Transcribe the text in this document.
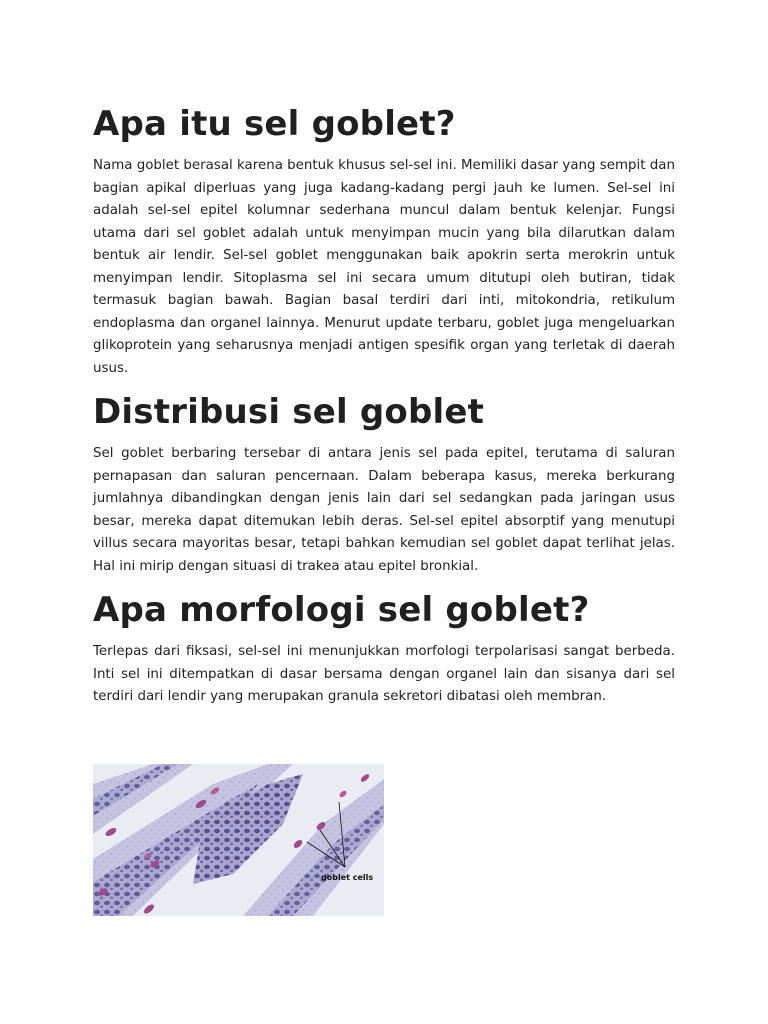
Apa itu sel goblet?

Nama goblet berasal karena bentuk khusus sel-sel ini. Memiliki dasar yang sempit dan bagian apikal diperluas yang juga kadang-kadang pergi jauh ke lumen. Sel-sel ini adalah sel-sel epitel kolumnar sederhana muncul dalam bentuk kelenjar. Fungsi utama dari sel goblet adalah untuk menyimpan mucin yang bila dilarutkan dalam bentuk air lendir. Sel-sel goblet menggunakan baik apokrin serta merokrin untuk menyimpan lendir. Sitoplasma sel ini secara umum ditutupi oleh butiran, tidak termasuk bagian bawah. Bagian basal terdiri dari inti, mitokondria, retikulum endoplasma dan organel lainnya. Menurut update terbaru, goblet juga mengeluarkan glikoprotein yang seharusnya menjadi antigen spesifik organ yang terletak di daerah usus.

Distribusi sel goblet

Sel goblet berbaring tersebar di antara jenis sel pada epitel, terutama di saluran pernapasan dan saluran pencernaan. Dalam beberapa kasus, mereka berkurang jumlahnya dibandingkan dengan jenis lain dari sel sedangkan pada jaringan usus besar, mereka dapat ditemukan lebih deras. Sel-sel epitel absorptif yang menutupi villus secara mayoritas besar, tetapi bahkan kemudian sel goblet dapat terlihat jelas. Hal ini mirip dengan situasi di trakea atau epitel bronkial.

Apa morfologi sel goblet?

Terlepas dari fiksasi, sel-sel ini menunjukkan morfologi terpolarisasi sangat berbeda. Inti sel ini ditempatkan di dasar bersama dengan organel lain dan sisanya dari sel terdiri dari lendir yang merupakan granula sekretori dibatasi oleh membran.

goblet cells
